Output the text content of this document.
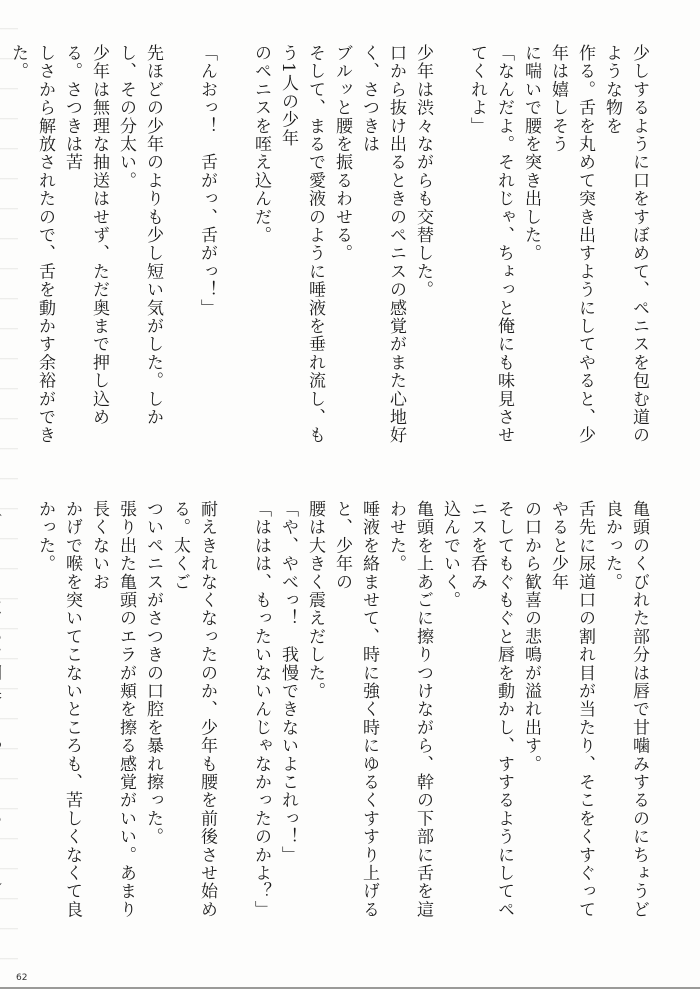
少しするように口をすぼめて、ペニスを包む道のような物を
作る。舌を丸めて突き出すようにしてやると、少年は嬉しそう
に喘いで腰を突き出した。

「なんだよ。それじゃ、ちょっと俺にも味見させてくれよ」

少年は渋々ながらも交替した。
口から抜け出るときのペニスの感覚がまた心地好く、さつきは
ブルッと腰を振るわせる。
そして、まるで愛液のように唾液を垂れ流し、もう1人の少年
のペニスを咥え込んだ。

「んおっ！　舌がっ、舌がっ！」

先ほどの少年のよりも少し短い気がした。しかし、その分太い。
少年は無理な抽送はせず、ただ奥まで押し込める。さつきは苦
しさから解放されたので、舌を動かす余裕ができた。

亀頭のくびれた部分は唇で甘噛みするのにちょうど良かった。
舌先に尿道口の割れ目が当たり、そこをくすぐってやると少年
の口から歓喜の悲鳴が溢れ出す。
そしてもぐもぐと唇を動かし、すするようにしてペニスを呑み
込んでいく。

亀頭を上あごに擦りつけながら、幹の下部に舌を這わせた。
唾液を絡ませて、時に強く時にゆるくすすり上げると、少年の
腰は大きく震えだした。

「や、やべっ！　我慢できないよこれっ！」
「ははは、もったいないんじゃなかったのかよ？」

耐えきれなくなったのか、少年も腰を前後させ始める。太くご
ついペニスがさつきの口腔を暴れ擦った。
張り出た亀頭のエラが頬を擦る感覚がいい。あまり長くないお
かげで喉を突いてこないところも、苦しくなくて良かった。

62
